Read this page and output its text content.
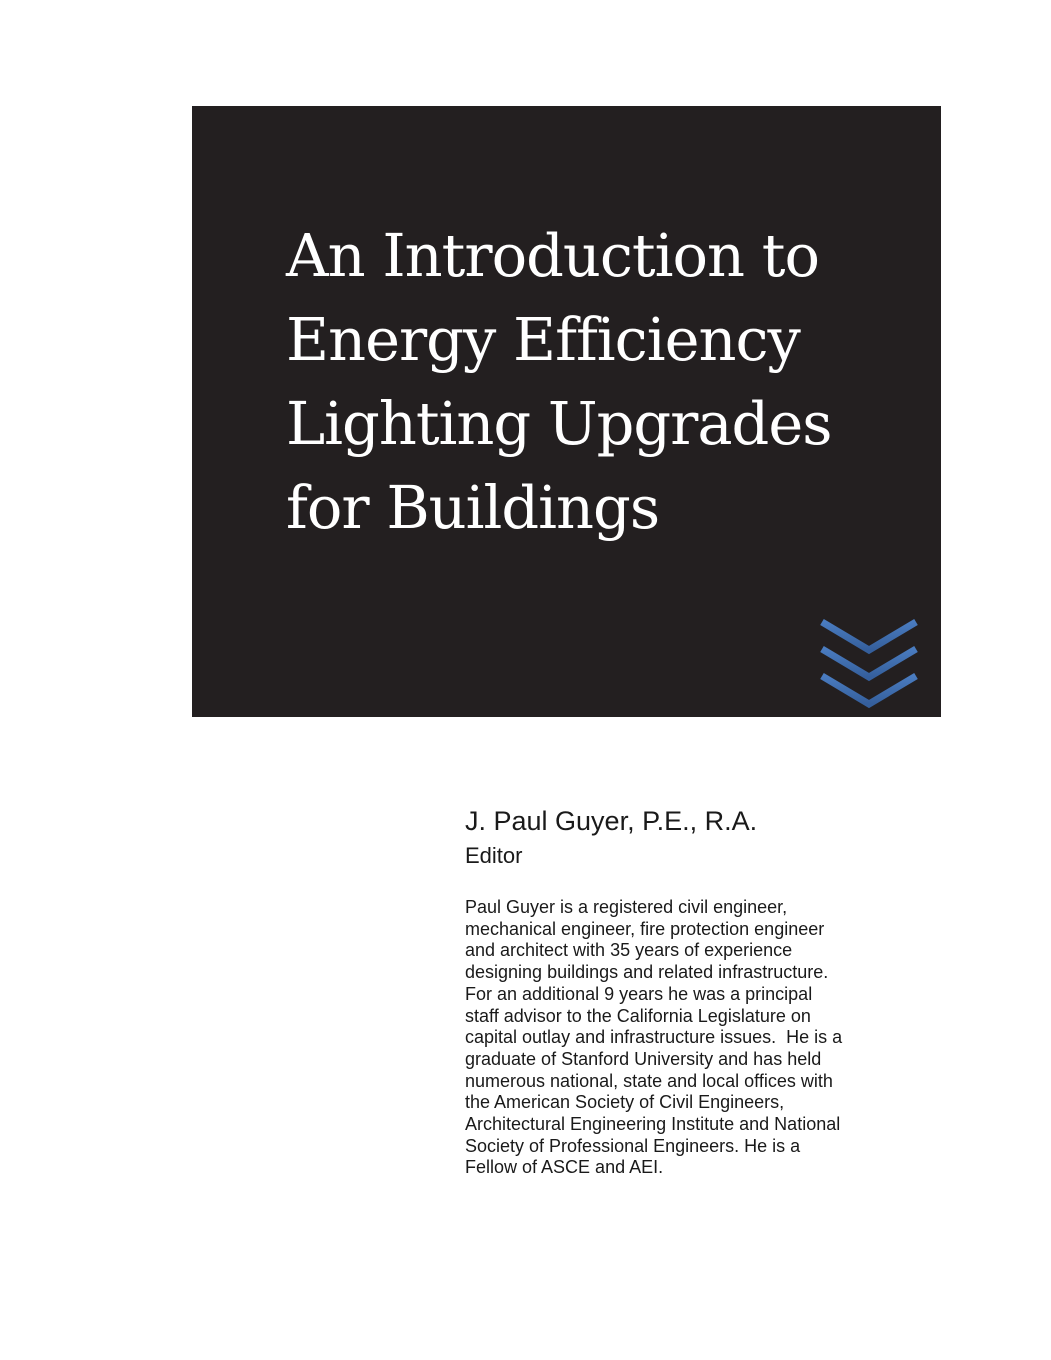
An Introduction to
Energy Efficiency
Lighting Upgrades
for Buildings
J. Paul Guyer, P.E., R.A.
Editor
Paul Guyer is a registered civil engineer,
mechanical engineer, fire protection engineer
and architect with 35 years of experience
designing buildings and related infrastructure.
For an additional 9 years he was a principal
staff advisor to the California Legislature on
capital outlay and infrastructure issues.  He is a
graduate of Stanford University and has held
numerous national, state and local offices with
the American Society of Civil Engineers,
Architectural Engineering Institute and National
Society of Professional Engineers. He is a
Fellow of ASCE and AEI.
